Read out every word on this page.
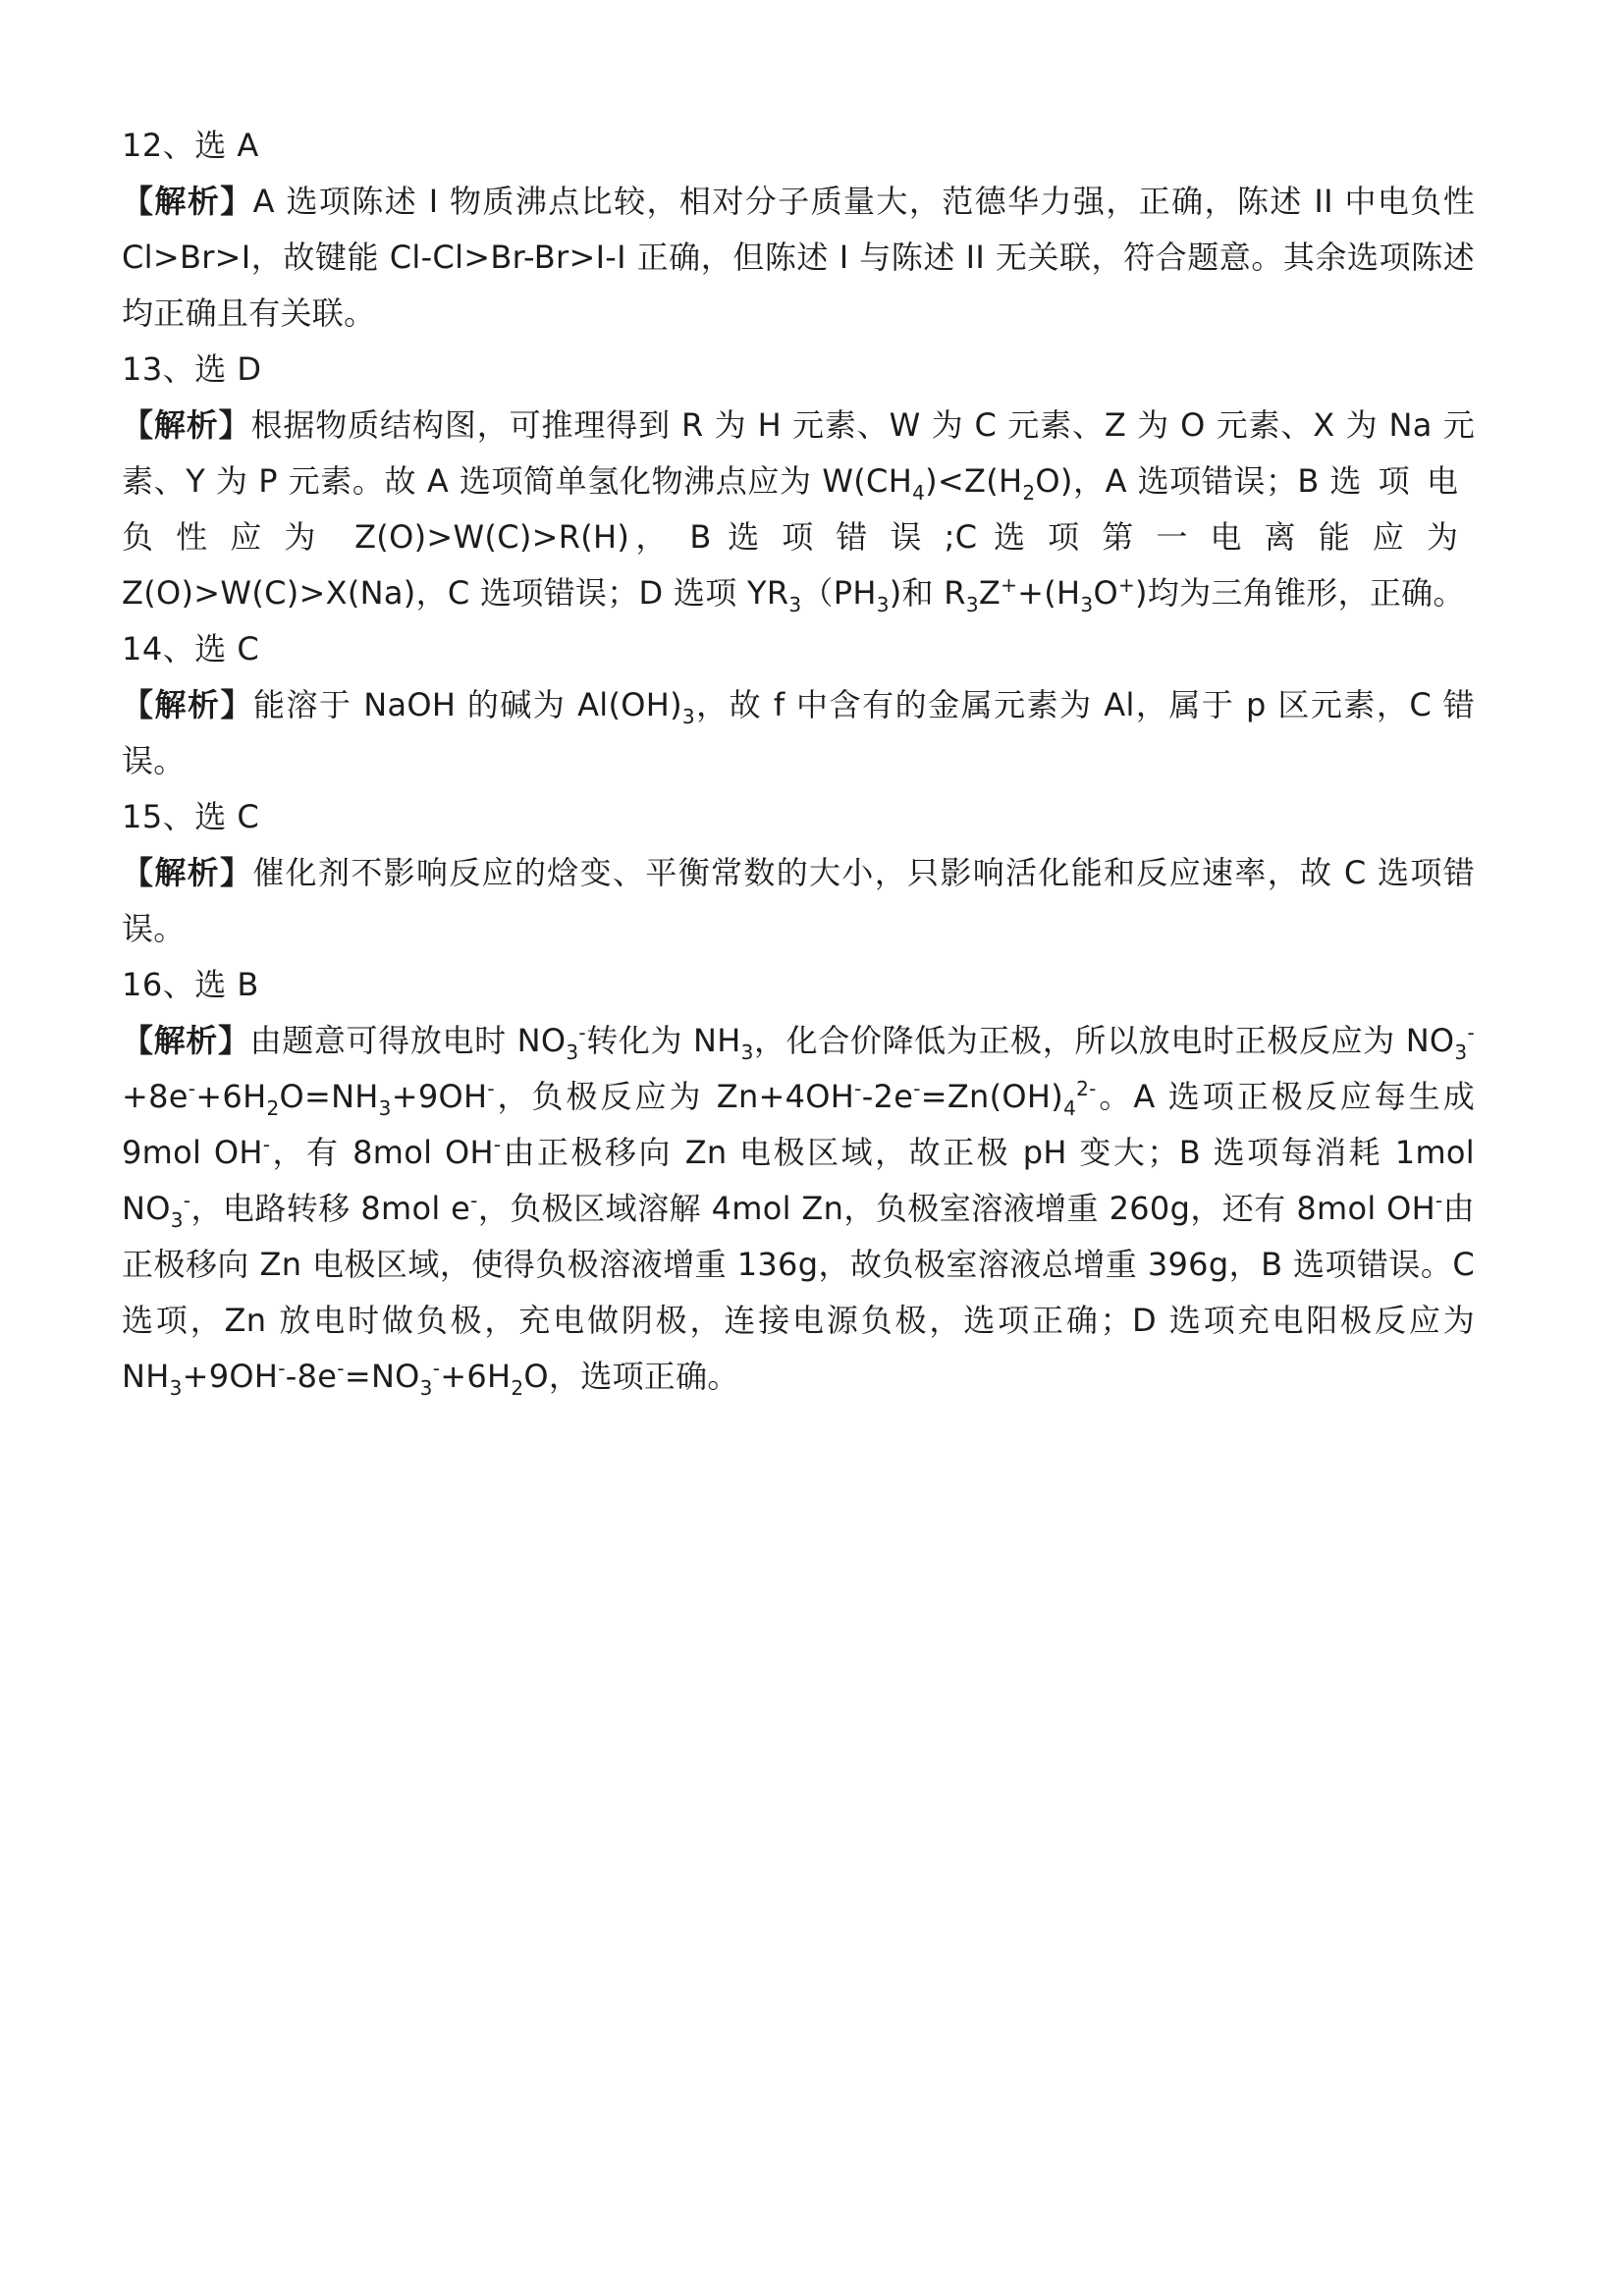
12、选 A
【解析】A 选项陈述 I 物质沸点比较，相对分子质量大，范德华力强，正确，陈述 II 中电负性 Cl>Br>I，故键能 Cl-Cl>Br-Br>I-I 正确，但陈述 I 与陈述 II 无关联，符合题意。其余选项陈述均正确且有关联。
13、选 D
【解析】根据物质结构图，可推理得到 R 为 H 元素、W 为 C 元素、Z 为 O 元素、X 为 Na 元素、Y 为 P 元素。故 A 选项简单氢化物沸点应为 $W(CH_4)<Z(H_2O)$，A 选项错误；B 选项电负性应为 Z(O)>W(C)>R(H)， B 选项错误;C 选项第一电离能应为 Z(O)>W(C)>X(Na)，C 选项错误；D 选项 $YR_3(PH_3)$和 $R_3Z^++(H_3O^+)$均为三角锥形，正确。
14、选 C
【解析】能溶于 NaOH 的碱为 $Al(OH)_3$，故 f 中含有的金属元素为 Al，属于 p 区元素，C 错误。
15、选 C
【解析】催化剂不影响反应的焓变、平衡常数的大小，只影响活化能和反应速率，故 C 选项错误。
16、选 B
【解析】由题意可得放电时 $NO_3^-$转化为 $NH_3$，化合价降低为正极，所以放电时正极反应为 $NO_3^-+8e^-+6H_2O=NH_3+9OH^-$，负极反应为 $Zn+4OH^--2e^-=Zn(OH)_4^{2-}$。A 选项正极反应每生成 9mol OH-，有 8mol OH-由正极移向 Zn 电极区域，故正极 pH 变大；B 选项每消耗 1mol $NO_3^-$，电路转移 8mol e-，负极区域溶解 4mol Zn，负极室溶液增重 260g，还有 8mol OH-由正极移向 Zn 电极区域，使得负极溶液增重 136g，故负极室溶液总增重 396g，B 选项错误。C 选项，Zn 放电时做负极，充电做阴极，连接电源负极，选项正确；D 选项充电阳极反应为 $NH_3+9OH^--8e^-=NO_3^-+6H_2O$，选项正确。
